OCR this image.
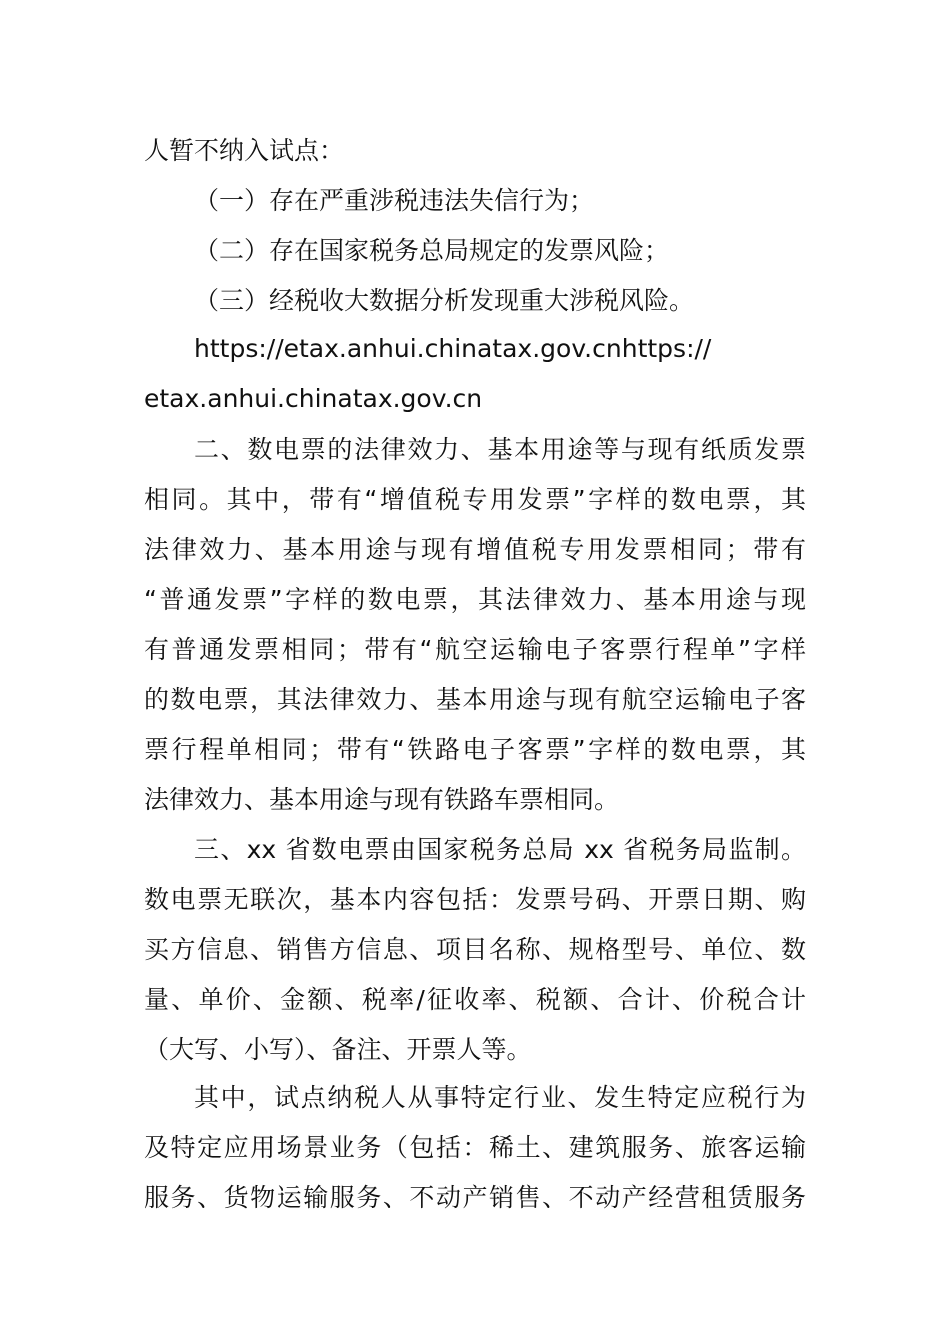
人暂不纳入试点：
（一）存在严重涉税违法失信行为；
（二）存在国家税务总局规定的发票风险；
（三）经税收大数据分析发现重大涉税风险。
https://etax.anhui.chinatax.gov.cnhttps://
etax.anhui.chinatax.gov.cn
二、数电票的法律效力、基本用途等与现有纸质发票
相同。其中，带有“增值税专用发票”字样的数电票，其
法律效力、基本用途与现有增值税专用发票相同；带有
“普通发票”字样的数电票，其法律效力、基本用途与现
有普通发票相同；带有“航空运输电子客票行程单”字样
的数电票，其法律效力、基本用途与现有航空运输电子客
票行程单相同；带有“铁路电子客票”字样的数电票，其
法律效力、基本用途与现有铁路车票相同。
三、xx 省数电票由国家税务总局 xx 省税务局监制。
数电票无联次，基本内容包括：发票号码、开票日期、购
买方信息、销售方信息、项目名称、规格型号、单位、数
量、单价、金额、税率/征收率、税额、合计、价税合计
（大写、小写）、备注、开票人等。
其中，试点纳税人从事特定行业、发生特定应税行为
及特定应用场景业务（包括：稀土、建筑服务、旅客运输
服务、货物运输服务、不动产销售、不动产经营租赁服务
